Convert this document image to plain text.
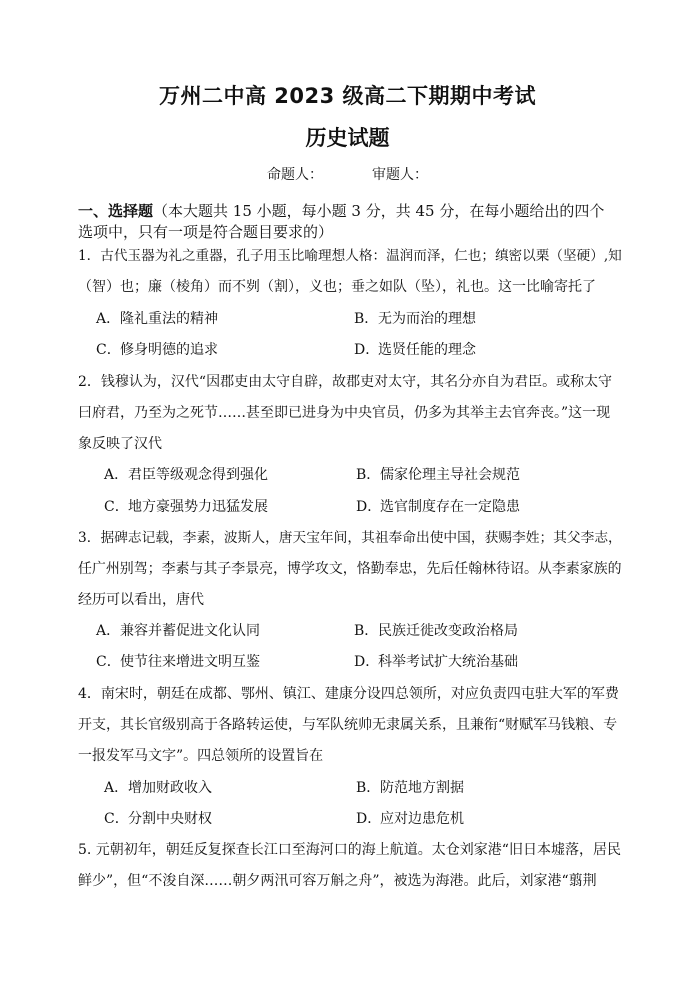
万州二中高 2023 级高二下期期中考试
历史试题
命题人：	审题人：
一、选择题（本大题共 15 小题，每小题 3 分，共 45 分，在每小题给出的四个
选项中，只有一项是符合题目要求的）
1．古代玉器为礼之重器，孔子用玉比喻理想人格：温润而泽，仁也；缜密以栗（坚硬）,知
（智）也；廉（棱角）而不刿（割），义也；垂之如队（坠），礼也。这一比喻寄托了
A．隆礼重法的精神	B．无为而治的理想
C．修身明德的追求	D．选贤任能的理念
2．钱穆认为，汉代“因郡吏由太守自辟，故郡吏对太守，其名分亦自为君臣。或称太守
曰府君，乃至为之死节……甚至即已进身为中央官员，仍多为其举主去官奔丧。”这一现
象反映了汉代
A．君臣等级观念得到强化	B．儒家伦理主导社会规范
C．地方豪强势力迅猛发展	D．选官制度存在一定隐患
3．据碑志记载，李素，波斯人，唐天宝年间，其祖奉命出使中国，获赐李姓；其父李志，
任广州别驾；李素与其子李景亮，博学攻文，恪勤奉忠，先后任翰林待诏。从李素家族的
经历可以看出，唐代
A．兼容并蓄促进文化认同	B．民族迁徙改变政治格局
C．使节往来增进文明互鉴	D．科举考试扩大统治基础
4．南宋时，朝廷在成都、鄂州、镇江、建康分设四总领所，对应负责四屯驻大军的军费
开支，其长官级别高于各路转运使，与军队统帅无隶属关系，且兼衔“财赋军马钱粮、专
一报发军马文字”。四总领所的设置旨在
A．增加财政收入	B．防范地方割据
C．分割中央财权	D．应对边患危机
5. 元朝初年，朝廷反复探查长江口至海河口的海上航道。太仓刘家港“旧日本墟落，居民
鲜少”，但“不浚自深……朝夕两汛可容万斛之舟”，被选为海港。此后，刘家港“翦荆
